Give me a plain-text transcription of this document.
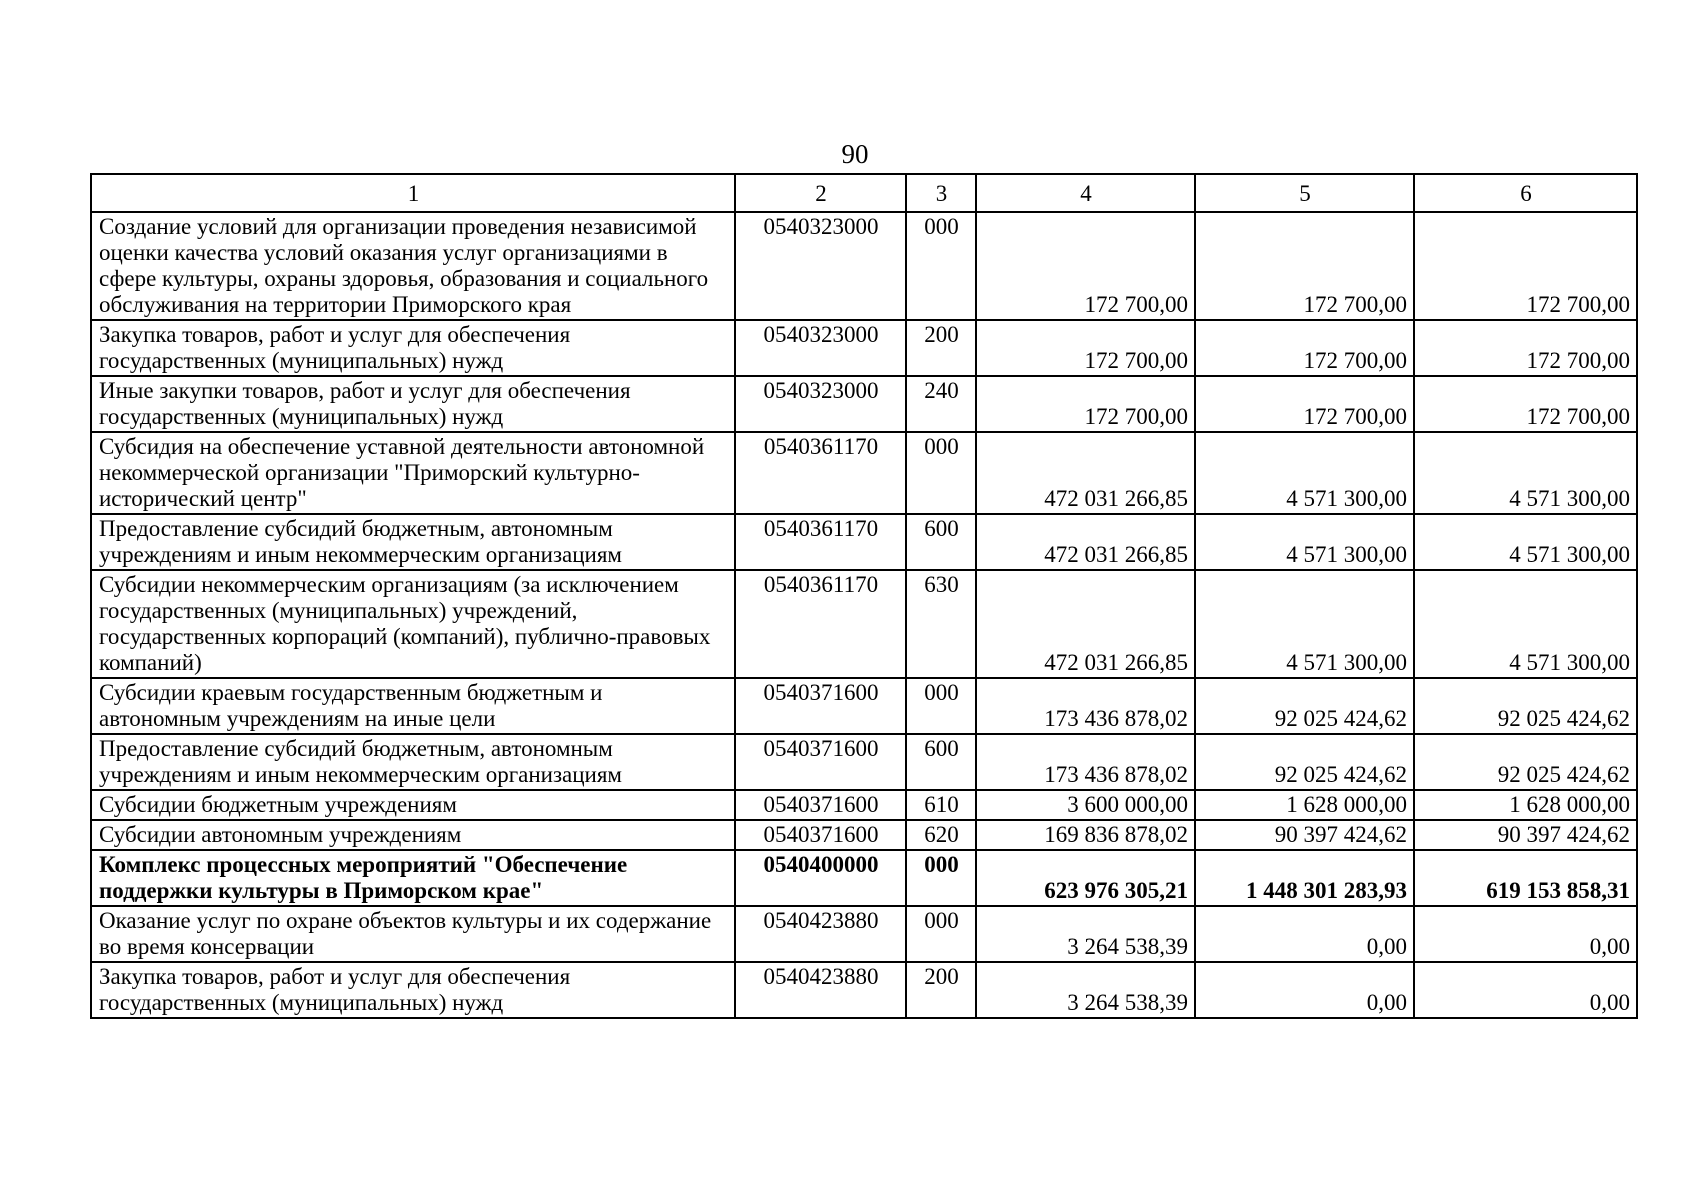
90
1	2	3	4	5	6
Создание условий для организации проведения независимой оценки качества условий оказания услуг организациями в сфере культуры, охраны здоровья, образования и социального обслуживания на территории Приморского края	0540323000	000	172 700,00	172 700,00	172 700,00
Закупка товаров, работ и услуг для обеспечения государственных (муниципальных) нужд	0540323000	200	172 700,00	172 700,00	172 700,00
Иные закупки товаров, работ и услуг для обеспечения государственных (муниципальных) нужд	0540323000	240	172 700,00	172 700,00	172 700,00
Субсидия на обеспечение уставной деятельности автономной некоммерческой организации "Приморский культурно-исторический центр"	0540361170	000	472 031 266,85	4 571 300,00	4 571 300,00
Предоставление субсидий бюджетным, автономным учреждениям и иным некоммерческим организациям	0540361170	600	472 031 266,85	4 571 300,00	4 571 300,00
Субсидии некоммерческим организациям (за исключением государственных (муниципальных) учреждений, государственных корпораций (компаний), публично-правовых компаний)	0540361170	630	472 031 266,85	4 571 300,00	4 571 300,00
Субсидии краевым государственным бюджетным и автономным учреждениям на иные цели	0540371600	000	173 436 878,02	92 025 424,62	92 025 424,62
Предоставление субсидий бюджетным, автономным учреждениям и иным некоммерческим организациям	0540371600	600	173 436 878,02	92 025 424,62	92 025 424,62
Субсидии бюджетным учреждениям	0540371600	610	3 600 000,00	1 628 000,00	1 628 000,00
Субсидии автономным учреждениям	0540371600	620	169 836 878,02	90 397 424,62	90 397 424,62
Комплекс процессных мероприятий "Обеспечение поддержки культуры в Приморском крае"	0540400000	000	623 976 305,21	1 448 301 283,93	619 153 858,31
Оказание услуг по охране объектов культуры и их содержание во время консервации	0540423880	000	3 264 538,39	0,00	0,00
Закупка товаров, работ и услуг для обеспечения государственных (муниципальных) нужд	0540423880	200	3 264 538,39	0,00	0,00
